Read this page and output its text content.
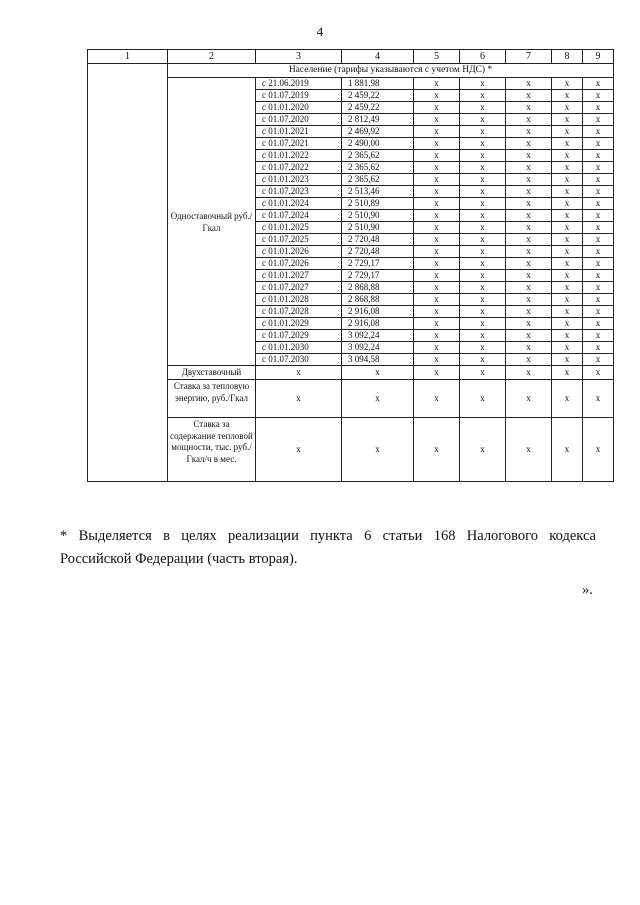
4
1	2	3	4	5	6	7	8	9
	Население (тарифы указываются с учетом НДС) *							
	Одноставочный руб./Гкал	с 21.06.2019	1 881,98	х	х	х	х	х
		с 01.07.2019	2 459,22	х	х	х	х	х
		с 01.01.2020	2 459,22	х	х	х	х	х
		с 01.07.2020	2 812,49	х	х	х	х	х
		с 01.01.2021	2 469,92	х	х	х	х	х
		с 01.07.2021	2 490,00	х	х	х	х	х
		с 01.01.2022	2 365,62	х	х	х	х	х
		с 01.07.2022	2 365,62	х	х	х	х	х
		с 01.01.2023	2 365,62	х	х	х	х	х
		с 01.07.2023	2 513,46	х	х	х	х	х
		с 01.01.2024	2 510,89	х	х	х	х	х
		с 01.07.2024	2 510,90	х	х	х	х	х
		с 01.01.2025	2 510,90	х	х	х	х	х
		с 01.07.2025	2 720,48	х	х	х	х	х
		с 01.01.2026	2 720,48	х	х	х	х	х
		с 01.07.2026	2 729,17	х	х	х	х	х
		с 01.01.2027	2 729,17	х	х	х	х	х
		с 01.07.2027	2 868,88	х	х	х	х	х
		с 01.01.2028	2 868,88	х	х	х	х	х
		с 01.07.2028	2 916,08	х	х	х	х	х
		с 01.01.2029	2 916,08	х	х	х	х	х
		с 01.07.2029	3 092,24	х	х	х	х	х
		с 01.01.2030	3 092,24	х	х	х	х	х
		с 01.07.2030	3 094,58	х	х	х	х	х
	Двухставочный	х	х	х	х	х	х	х
	Ставка за тепловую энергию, руб./Гкал	х	х	х	х	х	х	х
	Ставка за содержание тепловой мощности, тыс. руб./Гкал/ч в мес.	х	х	х	х	х	х	х
* Выделяется в целях реализации пункта 6 статьи 168 Налогового кодекса
Российской Федерации (часть вторая).
».
